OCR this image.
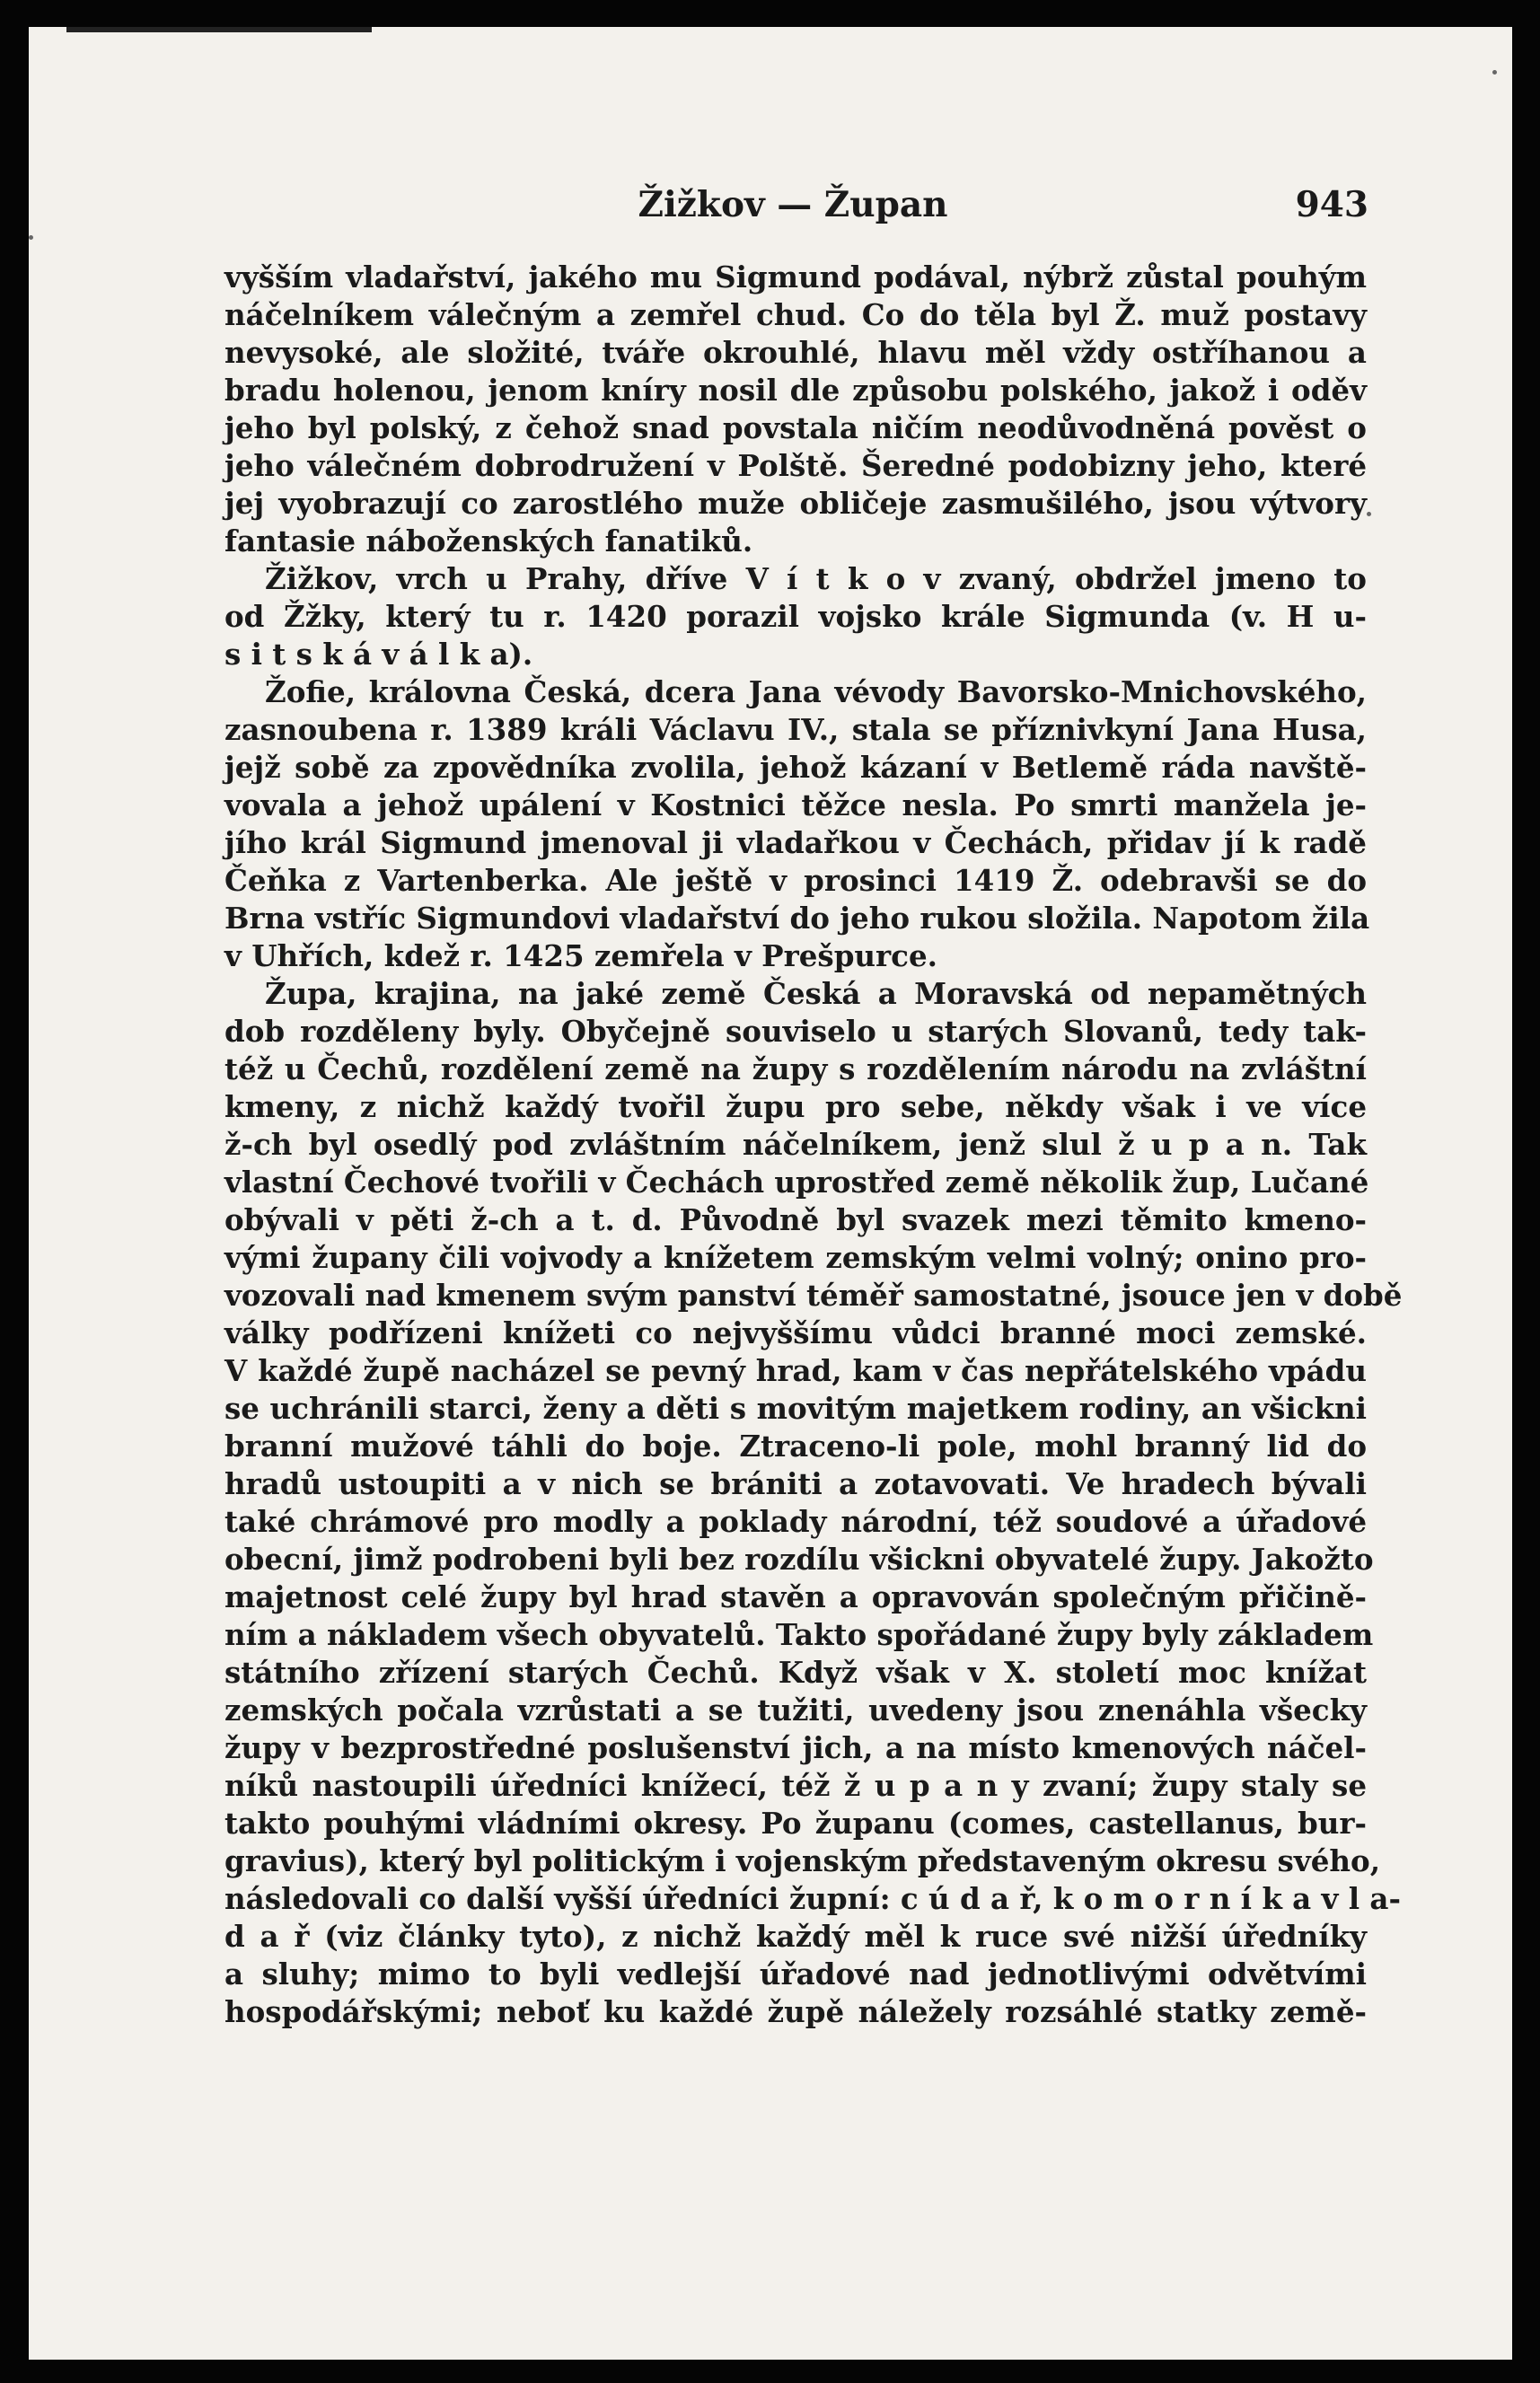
Žižkov — Župan	943
vyšším vladařství, jakého mu Sigmund podával, nýbrž zůstal pouhým
náčelníkem válečným a zemřel chud. Co do těla byl Ž. muž postavy
nevysoké, ale složité, tváře okrouhlé, hlavu měl vždy ostříhanou a
bradu holenou, jenom kníry nosil dle způsobu polského, jakož i oděv
jeho byl polský, z čehož snad povstala ničím neodůvodněná pověst o
jeho válečném dobrodružení v Polště. Šeredné podobizny jeho, které
jej vyobrazují co zarostlého muže obličeje zasmušilého, jsou výtvory
fantasie náboženských fanatiků.
Žižkov, vrch u Prahy, dříve V í t k o v zvaný, obdržel jmeno to
od Žžky, který tu r. 1420 porazil vojsko krále Sigmunda (v. H u-
s i t s k á v á l k a).
Žofie, královna Česká, dcera Jana vévody Bavorsko-Mnichovského,
zasnoubena r. 1389 králi Václavu IV., stala se příznivkyní Jana Husa,
jejž sobě za zpovědníka zvolila, jehož kázaní v Betlemě ráda navště-
vovala a jehož upálení v Kostnici těžce nesla. Po smrti manžela je-
jího král Sigmund jmenoval ji vladařkou v Čechách, přidav jí k radě
Čeňka z Vartenberka. Ale ještě v prosinci 1419 Ž. odebravši se do
Brna vstříc Sigmundovi vladařství do jeho rukou složila. Napotom žila
v Uhřích, kdež r. 1425 zemřela v Prešpurce.
Župa, krajina, na jaké země Česká a Moravská od nepamětných
dob rozděleny byly. Obyčejně souviselo u starých Slovanů, tedy tak-
též u Čechů, rozdělení země na župy s rozdělením národu na zvláštní
kmeny, z nichž každý tvořil župu pro sebe, někdy však i ve více
ž-ch byl osedlý pod zvláštním náčelníkem, jenž slul ž u p a n. Tak
vlastní Čechové tvořili v Čechách uprostřed země několik žup, Lučané
obývali v pěti ž-ch a t. d. Původně byl svazek mezi těmito kmeno-
vými župany čili vojvody a knížetem zemským velmi volný; onino pro-
vozovali nad kmenem svým panství téměř samostatné, jsouce jen v době
války podřízeni knížeti co nejvyššímu vůdci branné moci zemské.
V každé župě nacházel se pevný hrad, kam v čas nepřátelského vpádu
se uchránili starci, ženy a děti s movitým majetkem rodiny, an všickni
branní mužové táhli do boje. Ztraceno-li pole, mohl branný lid do
hradů ustoupiti a v nich se brániti a zotavovati. Ve hradech bývali
také chrámové pro modly a poklady národní, též soudové a úřadové
obecní, jimž podrobeni byli bez rozdílu všickni obyvatelé župy. Jakožto
majetnost celé župy byl hrad stavěn a opravován společným přičině-
ním a nákladem všech obyvatelů. Takto spořádané župy byly základem
státního zřízení starých Čechů. Když však v X. století moc knížat
zemských počala vzrůstati a se tužiti, uvedeny jsou znenáhla všecky
župy v bezprostředné poslušenství jich, a na místo kmenových náčel-
níků nastoupili úředníci knížecí, též ž u p a n y zvaní; župy staly se
takto pouhými vládními okresy. Po županu (comes, castellanus, bur-
gravius), který byl politickým i vojenským představeným okresu svého,
následovali co další vyšší úředníci župní: c ú d a ř, k o m o r n í k a v l a-
d a ř (viz články tyto), z nichž každý měl k ruce své nižší úředníky
a sluhy; mimo to byli vedlejší úřadové nad jednotlivými odvětvími
hospodářskými; neboť ku každé župě náležely rozsáhlé statky země-
